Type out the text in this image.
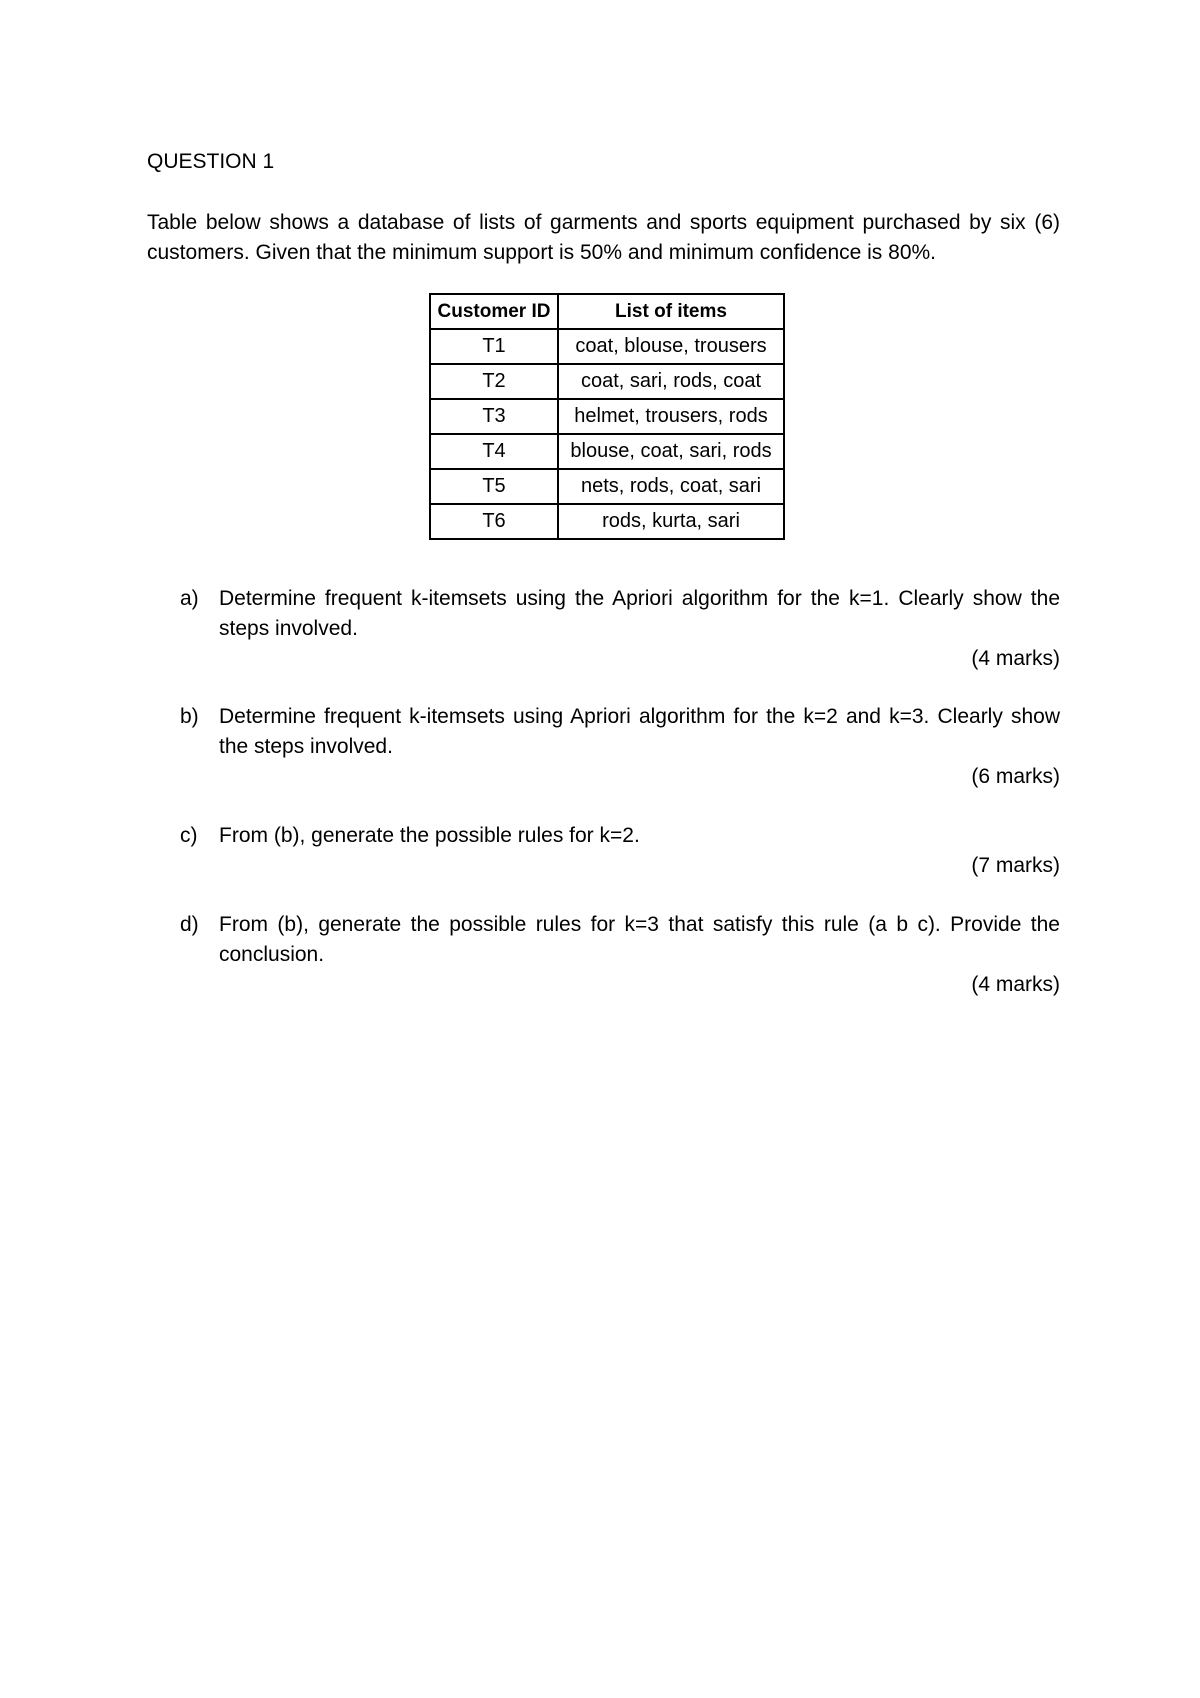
QUESTION 1
Table below shows a database of lists of garments and sports equipment purchased by six (6) customers. Given that the minimum support is 50% and minimum confidence is 80%.
Customer ID	List of items
T1	coat, blouse, trousers
T2	coat, sari, rods, coat
T3	helmet, trousers, rods
T4	blouse, coat, sari, rods
T5	nets, rods, coat, sari
T6	rods, kurta, sari
a) Determine frequent k-itemsets using the Apriori algorithm for the k=1. Clearly show the steps involved.
(4 marks)
b) Determine frequent k-itemsets using Apriori algorithm for the k=2 and k=3. Clearly show the steps involved.
(6 marks)
c) From (b), generate the possible rules for k=2.
(7 marks)
d) From (b), generate the possible rules for k=3 that satisfy this rule (a b c). Provide the conclusion.
(4 marks)
